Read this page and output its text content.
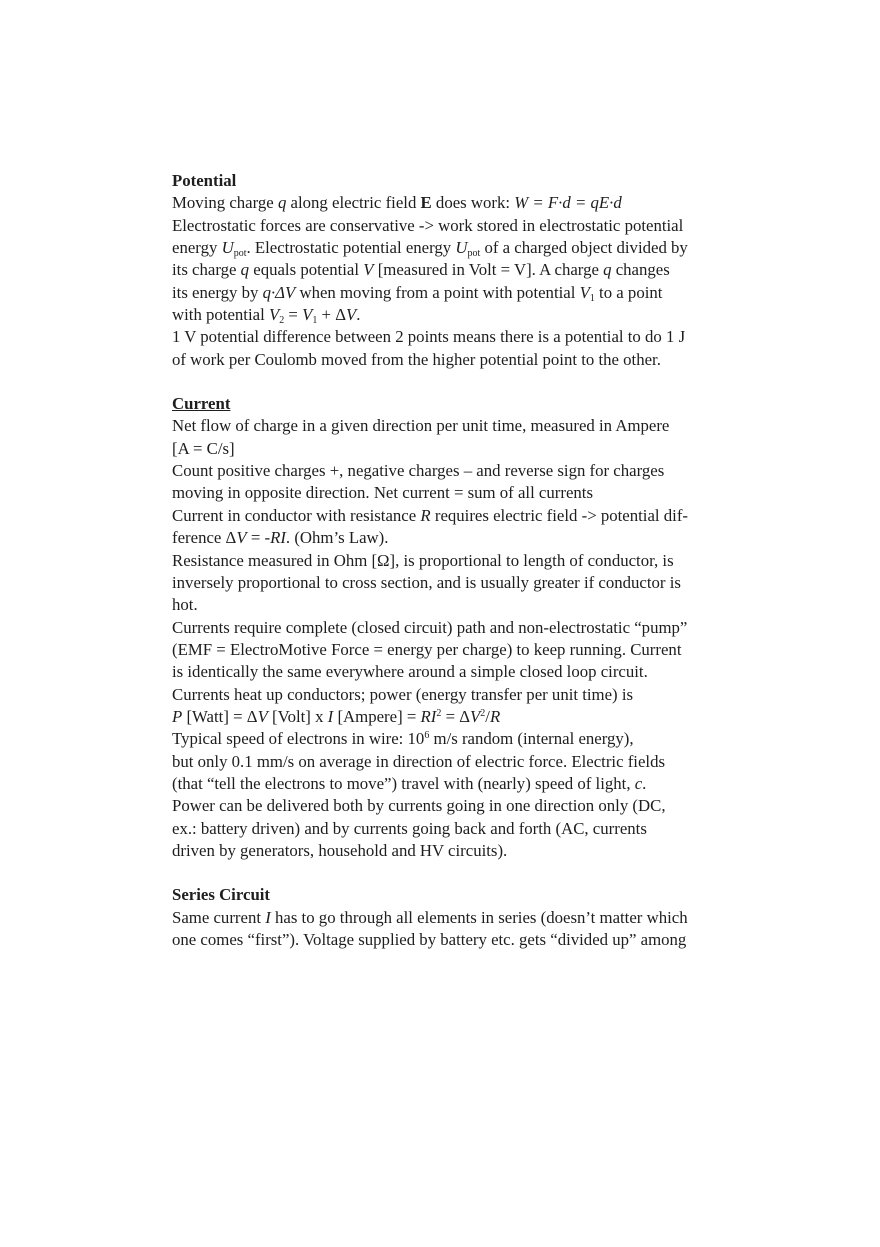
Potential
Moving charge q along electric field E does work: W = F·d = qE·d
Electrostatic forces are conservative -> work stored in electrostatic potential
energy $U_{pot}$. Electrostatic potential energy $U_{pot}$ of a charged object divided by
its charge q equals potential V [measured in Volt = V]. A charge q changes
its energy by q·ΔV when moving from a point with potential $V_1$ to a point
with potential $V_2 = V_1 + \Delta V$.
1 V potential difference between 2 points means there is a potential to do 1 J
of work per Coulomb moved from the higher potential point to the other.
Current
Net flow of charge in a given direction per unit time, measured in Ampere
[A = C/s]
Count positive charges +, negative charges – and reverse sign for charges
moving in opposite direction. Net current = sum of all currents
Current in conductor with resistance R requires electric field -> potential dif-
ference ΔV = -RI. (Ohm’s Law).
Resistance measured in Ohm [Ω], is proportional to length of conductor, is
inversely proportional to cross section, and is usually greater if conductor is
hot.
Currents require complete (closed circuit) path and non-electrostatic “pump”
(EMF = ElectroMotive Force = energy per charge) to keep running. Current
is identically the same everywhere around a simple closed loop circuit.
Currents heat up conductors; power (energy transfer per unit time) is
P [Watt] = ΔV [Volt] x I [Ampere] = $RI^2 = \Delta V^2/R$
Typical speed of electrons in wire: $10^6$ m/s random (internal energy),
but only 0.1 mm/s on average in direction of electric force. Electric fields
(that “tell the electrons to move”) travel with (nearly) speed of light, c.
Power can be delivered both by currents going in one direction only (DC,
ex.: battery driven) and by currents going back and forth (AC, currents
driven by generators, household and HV circuits).
Series Circuit
Same current I has to go through all elements in series (doesn’t matter which
one comes “first”). Voltage supplied by battery etc. gets “divided up” among
